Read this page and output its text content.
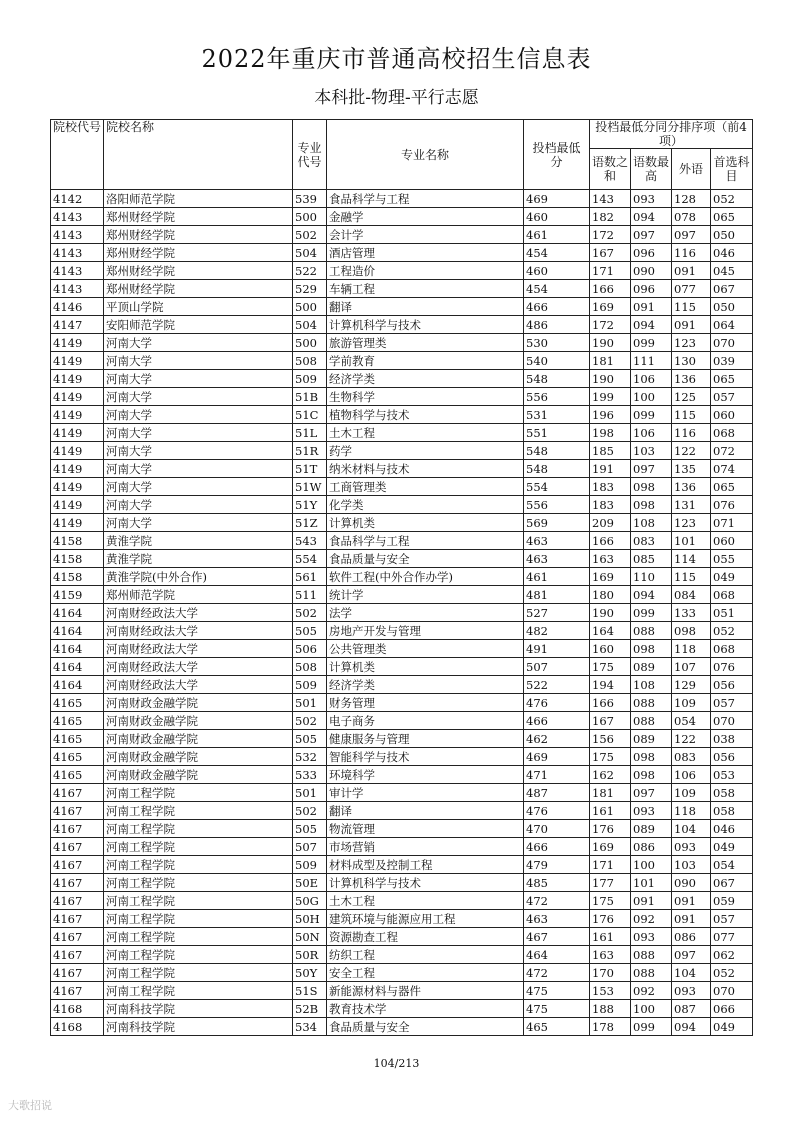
2022年重庆市普通高校招生信息表
本科批-物理-平行志愿
院校代号	院校名称	专业代号	专业名称	投档最低分	投档最低分同分排序项（前4项）			
					语数之和	语数最高	外语	首选科目
4142	洛阳师范学院	539	食品科学与工程	469	143	093	128	052
4143	郑州财经学院	500	金融学	460	182	094	078	065
4143	郑州财经学院	502	会计学	461	172	097	097	050
4143	郑州财经学院	504	酒店管理	454	167	096	116	046
4143	郑州财经学院	522	工程造价	460	171	090	091	045
4143	郑州财经学院	529	车辆工程	454	166	096	077	067
4146	平顶山学院	500	翻译	466	169	091	115	050
4147	安阳师范学院	504	计算机科学与技术	486	172	094	091	064
4149	河南大学	500	旅游管理类	530	190	099	123	070
4149	河南大学	508	学前教育	540	181	111	130	039
4149	河南大学	509	经济学类	548	190	106	136	065
4149	河南大学	51B	生物科学	556	199	100	125	057
4149	河南大学	51C	植物科学与技术	531	196	099	115	060
4149	河南大学	51L	土木工程	551	198	106	116	068
4149	河南大学	51R	药学	548	185	103	122	072
4149	河南大学	51T	纳米材料与技术	548	191	097	135	074
4149	河南大学	51W	工商管理类	554	183	098	136	065
4149	河南大学	51Y	化学类	556	183	098	131	076
4149	河南大学	51Z	计算机类	569	209	108	123	071
4158	黄淮学院	543	食品科学与工程	463	166	083	101	060
4158	黄淮学院	554	食品质量与安全	463	163	085	114	055
4158	黄淮学院(中外合作)	561	软件工程(中外合作办学)	461	169	110	115	049
4159	郑州师范学院	511	统计学	481	180	094	084	068
4164	河南财经政法大学	502	法学	527	190	099	133	051
4164	河南财经政法大学	505	房地产开发与管理	482	164	088	098	052
4164	河南财经政法大学	506	公共管理类	491	160	098	118	068
4164	河南财经政法大学	508	计算机类	507	175	089	107	076
4164	河南财经政法大学	509	经济学类	522	194	108	129	056
4165	河南财政金融学院	501	财务管理	476	166	088	109	057
4165	河南财政金融学院	502	电子商务	466	167	088	054	070
4165	河南财政金融学院	505	健康服务与管理	462	156	089	122	038
4165	河南财政金融学院	532	智能科学与技术	469	175	098	083	056
4165	河南财政金融学院	533	环境科学	471	162	098	106	053
4167	河南工程学院	501	审计学	487	181	097	109	058
4167	河南工程学院	502	翻译	476	161	093	118	058
4167	河南工程学院	505	物流管理	470	176	089	104	046
4167	河南工程学院	507	市场营销	466	169	086	093	049
4167	河南工程学院	509	材料成型及控制工程	479	171	100	103	054
4167	河南工程学院	50E	计算机科学与技术	485	177	101	090	067
4167	河南工程学院	50G	土木工程	472	175	091	091	059
4167	河南工程学院	50H	建筑环境与能源应用工程	463	176	092	091	057
4167	河南工程学院	50N	资源勘查工程	467	161	093	086	077
4167	河南工程学院	50R	纺织工程	464	163	088	097	062
4167	河南工程学院	50Y	安全工程	472	170	088	104	052
4167	河南工程学院	51S	新能源材料与器件	475	153	092	093	070
4168	河南科技学院	52B	教育技术学	475	188	100	087	066
4168	河南科技学院	534	食品质量与安全	465	178	099	094	049
104/213
大歌招说
